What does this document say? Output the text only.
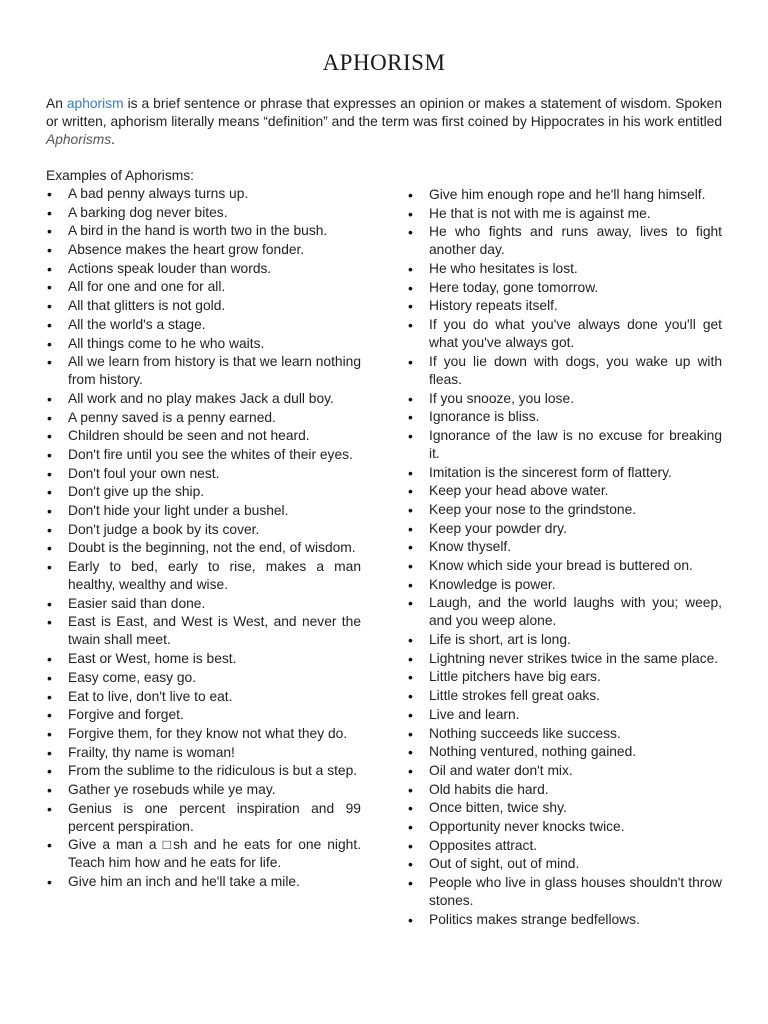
APHORISM

An aphorism is a brief sentence or phrase that expresses an opinion or makes a statement of wisdom. Spoken or written, aphorism literally means “definition” and the term was first coined by Hippocrates in his work entitled Aphorisms.

Examples of Aphorisms:

• A bad penny always turns up.
• A barking dog never bites.
• A bird in the hand is worth two in the bush.
• Absence makes the heart grow fonder.
• Actions speak louder than words.
• All for one and one for all.
• All that glitters is not gold.
• All the world's a stage.
• All things come to he who waits.
• All we learn from history is that we learn nothing from history.
• All work and no play makes Jack a dull boy.
• A penny saved is a penny earned.
• Children should be seen and not heard.
• Don't fire until you see the whites of their eyes.
• Don't foul your own nest.
• Don't give up the ship.
• Don't hide your light under a bushel.
• Don't judge a book by its cover.
• Doubt is the beginning, not the end, of wisdom.
• Early to bed, early to rise, makes a man healthy, wealthy and wise.
• Easier said than done.
• East is East, and West is West, and never the twain shall meet.
• East or West, home is best.
• Easy come, easy go.
• Eat to live, don't live to eat.
• Forgive and forget.
• Forgive them, for they know not what they do.
• Frailty, thy name is woman!
• From the sublime to the ridiculous is but a step.
• Gather ye rosebuds while ye may.
• Genius is one percent inspiration and 99 percent perspiration.
• Give a man a □sh and he eats for one night. Teach him how and he eats for life.
• Give him an inch and he'll take a mile.
• Give him enough rope and he'll hang himself.
• He that is not with me is against me.
• He who fights and runs away, lives to fight another day.
• He who hesitates is lost.
• Here today, gone tomorrow.
• History repeats itself.
• If you do what you've always done you'll get what you've always got.
• If you lie down with dogs, you wake up with fleas.
• If you snooze, you lose.
• Ignorance is bliss.
• Ignorance of the law is no excuse for breaking it.
• Imitation is the sincerest form of flattery.
• Keep your head above water.
• Keep your nose to the grindstone.
• Keep your powder dry.
• Know thyself.
• Know which side your bread is buttered on.
• Knowledge is power.
• Laugh, and the world laughs with you; weep, and you weep alone.
• Life is short, art is long.
• Lightning never strikes twice in the same place.
• Little pitchers have big ears.
• Little strokes fell great oaks.
• Live and learn.
• Nothing succeeds like success.
• Nothing ventured, nothing gained.
• Oil and water don't mix.
• Old habits die hard.
• Once bitten, twice shy.
• Opportunity never knocks twice.
• Opposites attract.
• Out of sight, out of mind.
• People who live in glass houses shouldn't throw stones.
• Politics makes strange bedfellows.
